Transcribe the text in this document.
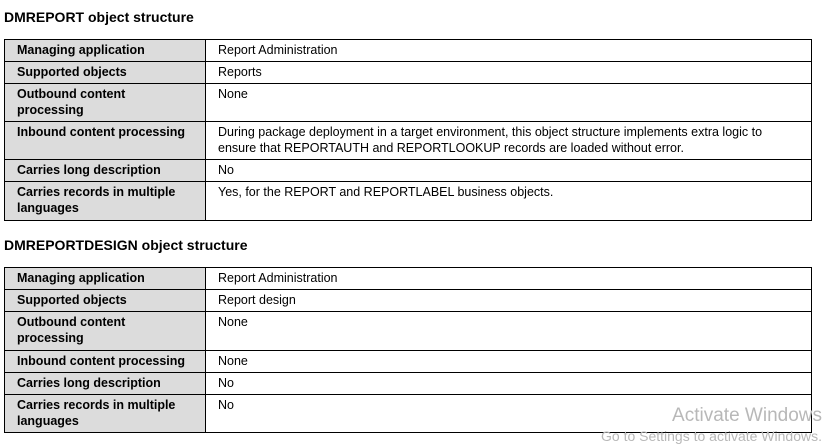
DMREPORT object structure
Managing application	Report Administration
Supported objects	Reports
Outbound content processing	None
Inbound content processing	During package deployment in a target environment, this object structure implements extra logic to ensure that REPORTAUTH and REPORTLOOKUP records are loaded without error.
Carries long description	No
Carries records in multiple languages	Yes, for the REPORT and REPORTLABEL business objects.
DMREPORTDESIGN object structure
Managing application	Report Administration
Supported objects	Report design
Outbound content processing	None
Inbound content processing	None
Carries long description	No
Carries records in multiple languages	No	Activate Windows
Go to Settings to activate Windows.
